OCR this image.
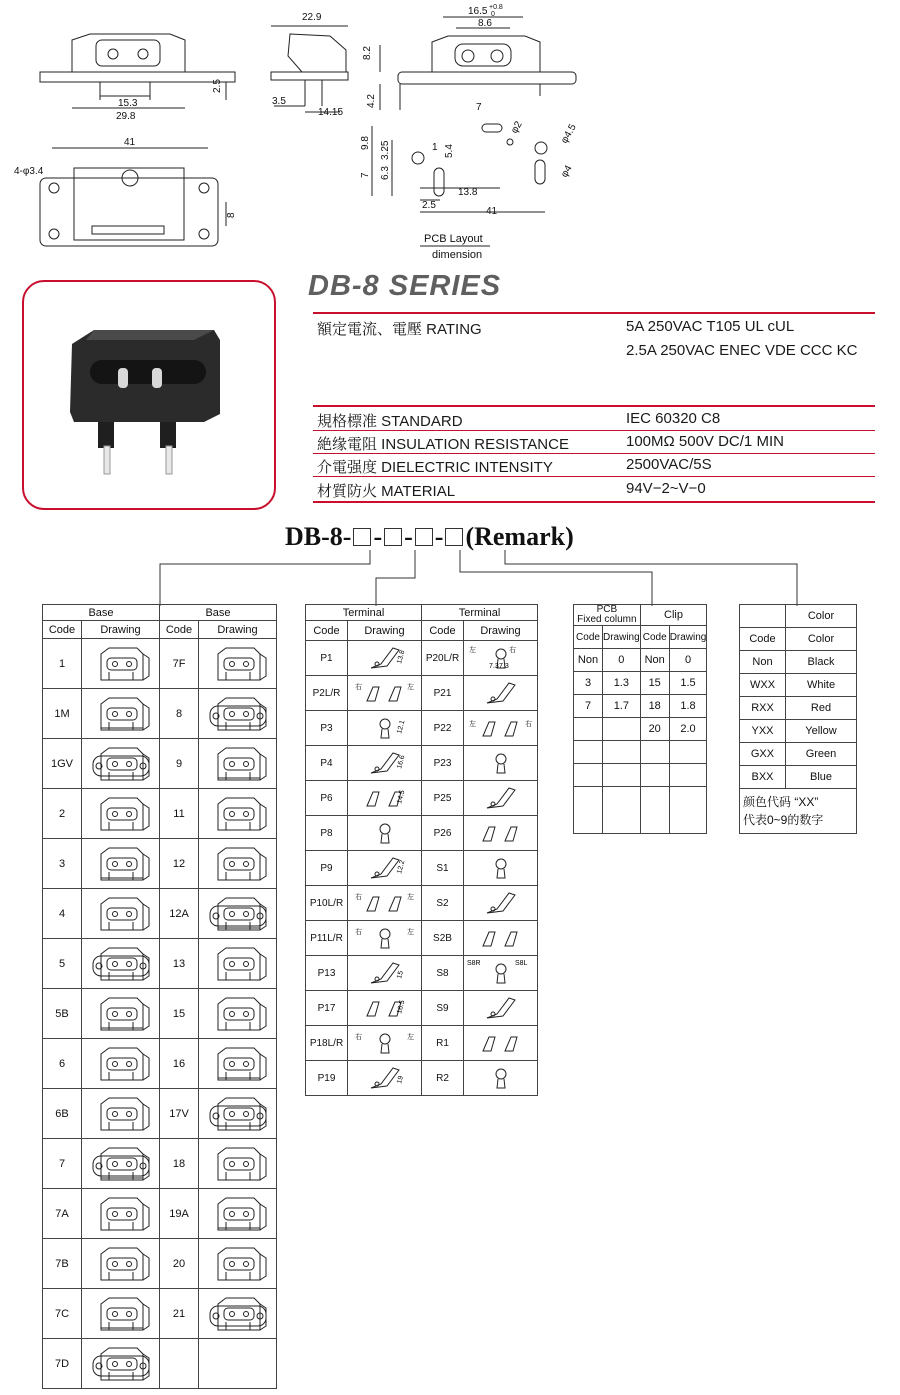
22.9
16.5 +0.8
0
8.6
8.2
2.5
15.3
29.8
3.5
14.15
4.2
41
4-φ3.4
8
7
φ2	φ4.5
φ4
9.8 3.25	5.4
1
7 6.3
13.8
2.5
41
PCB Layout
dimension
DB-8 SERIES
額定電流、電壓 RATING	5A 250VAC T105 UL cUL
2.5A 250VAC ENEC VDE CCC KC
規格標准 STANDARD	IEC 60320 C8
絶缘電阻 INSULATION RESISTANCE	100MΩ 500V DC/1 MIN
介電强度 DIELECTRIC INTENSITY	2500VAC/5S
材質防火 MATERIAL	94V−2~V−0
DB-8- - - - (Remark)
Base		Base	
Code	Drawing	Code	Drawing
1		7F	

1M		8	

1GV		9	

2		11	

3		12	

4		12A	

5		13	

5B		15	

6		16	

6B		17V	

7		18	

7A		19A	

7B		20	

7C		21	

7D	

Terminal		Terminal	
Code	Drawing	Code	Drawing
P1	13.8	P20L/R	左 右
7.3 7.3

P2L/R	右 左	P21	

P3	12.1	P22	左 右

P4	16.6	P23	

P6	14.5	P25	

P8		P26	

P9	12.2	S1	

P10L/R	右 左	S2	

P11L/R	右 左	S2B	

P13	15	S8	S8R S8L

P17	16.5	S9	

P18L/R	右 左	R1	

P19	19	R2	
PCB
Fixed column		Clip	
Code	Drawing	Code	Drawing
Non	0	Non	0
3	1.3	15	1.5
7	1.7	18	1.8
		20	2.0

	Color
Code	Color
Non	Black
WXX	White
RXX	Red
YXX	Yellow
GXX	Green
BXX	Blue

颜色代码 “XX”
代表0~9的数字	
